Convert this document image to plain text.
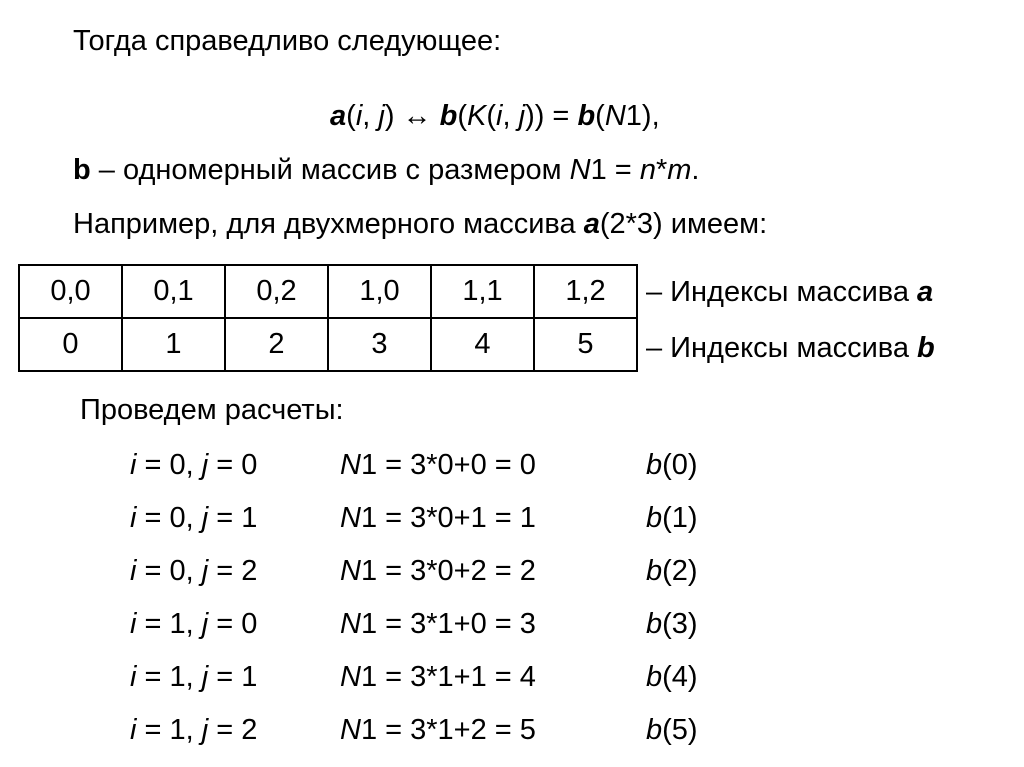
Тогда справедливо следующее:
a(i, j) ↔ b(K(i, j)) = b(N1),
b – одномерный массив с размером N1 = n*m.
Например, для двухмерного массива a(2*3) имеем:
0,0	0,1	0,2	1,0	1,1	1,2
0	1	2	3	4	5
– Индексы массива a
– Индексы массива b
Проведем расчеты:
i = 0, j = 0	N1 = 3*0+0 = 0	b(0)
i = 0, j = 1	N1 = 3*0+1 = 1	b(1)
i = 0, j = 2	N1 = 3*0+2 = 2	b(2)
i = 1, j = 0	N1 = 3*1+0 = 3	b(3)
i = 1, j = 1	N1 = 3*1+1 = 4	b(4)
i = 1, j = 2	N1 = 3*1+2 = 5	b(5)
